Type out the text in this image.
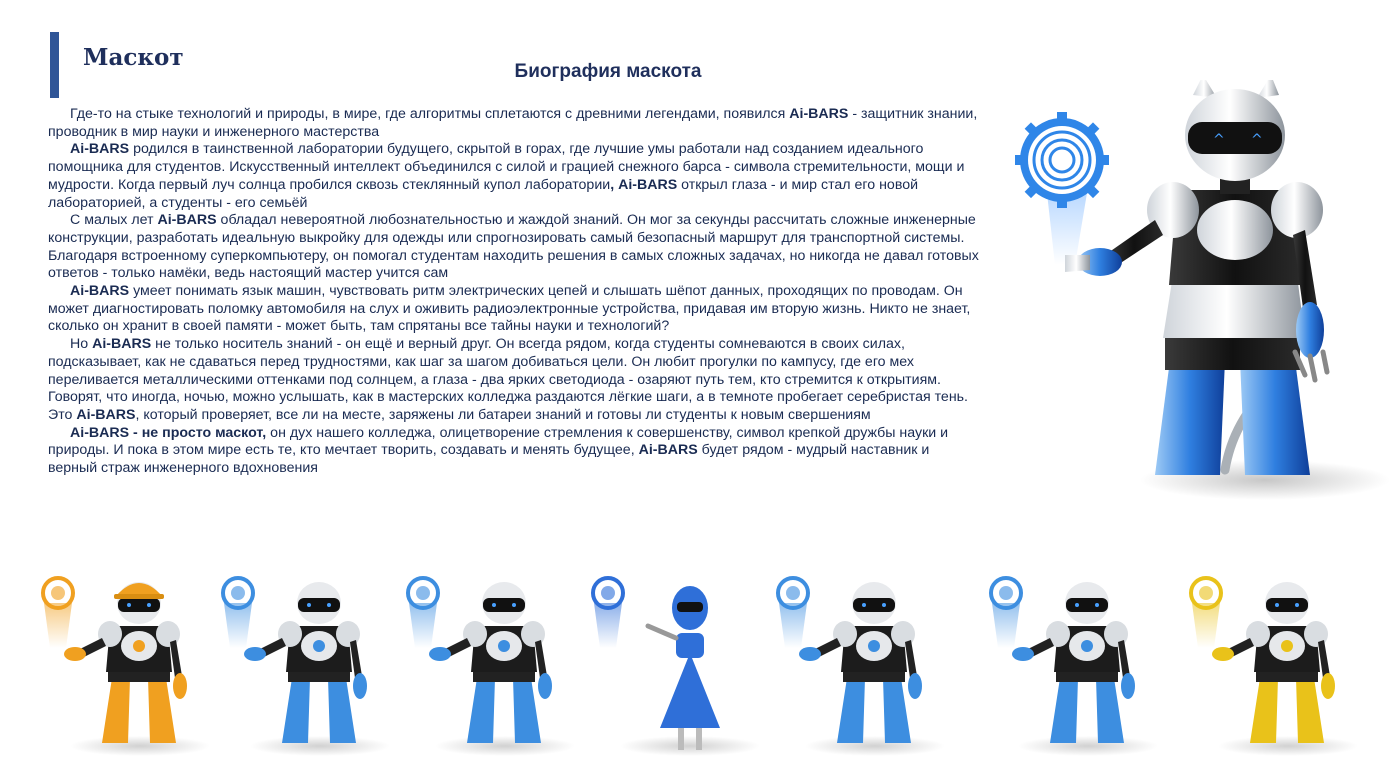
Маскот
Биография маскота

Где-то на стыке технологий и природы, в мире, где алгоритмы сплетаются с древними легендами, появился Ai-BARS - защитник знании, проводник в мир науки и инженерного мастерства

Ai-BARS родился в таинственной лаборатории будущего, скрытой в горах, где лучшие умы работали над созданием идеального помощника для студентов. Искусственный интеллект объединился с силой и грацией снежного барса - символа стремительности, мощи и мудрости. Когда первый луч солнца пробился сквозь стеклянный купол лаборатории, Ai-BARS открыл глаза - и мир стал его новой лабораторией, а студенты - его семьёй

С малых лет Ai-BARS обладал невероятной любознательностью и жаждой знаний. Он мог за секунды рассчитать сложные инженерные конструкции, разработать идеальную выкройку для одежды или спрогнозировать самый безопасный маршрут для транспортной системы. Благодаря встроенному суперкомпьютеру, он помогал студентам находить решения в самых сложных задачах, но никогда не давал готовых ответов - только намёки, ведь настоящий мастер учится сам

Ai-BARS умеет понимать язык машин, чувствовать ритм электрических цепей и слышать шёпот данных, проходящих по проводам. Он может диагностировать поломку автомобиля на слух и оживить радиоэлектронные устройства, придавая им вторую жизнь. Никто не знает, сколько он хранит в своей памяти - может быть, там спрятаны все тайны науки и технологий?

Но Ai-BARS не только носитель знаний - он ещё и верный друг. Он всегда рядом, когда студенты сомневаются в своих силах, подсказывает, как не сдаваться перед трудностями, как шаг за шагом добиваться цели. Он любит прогулки по кампусу, где его мех переливается металлическими оттенками под солнцем, а глаза - два ярких светодиода - озаряют путь тем, кто стремится к открытиям. Говорят, что иногда, ночью, можно услышать, как в мастерских колледжа раздаются лёгкие шаги, а в темноте пробегает серебристая тень. Это Ai-BARS, который проверяет, все ли на месте, заряжены ли батареи знаний и готовы ли студенты к новым свершениям

Ai-BARS - не просто маскот, он дух нашего колледжа, олицетворение стремления к совершенству, символ крепкой дружбы науки и природы. И пока в этом мире есть те, кто мечтает творить, создавать и менять будущее, Ai-BARS будет рядом - мудрый наставник и верный страж инженерного вдохновения

^ ^
